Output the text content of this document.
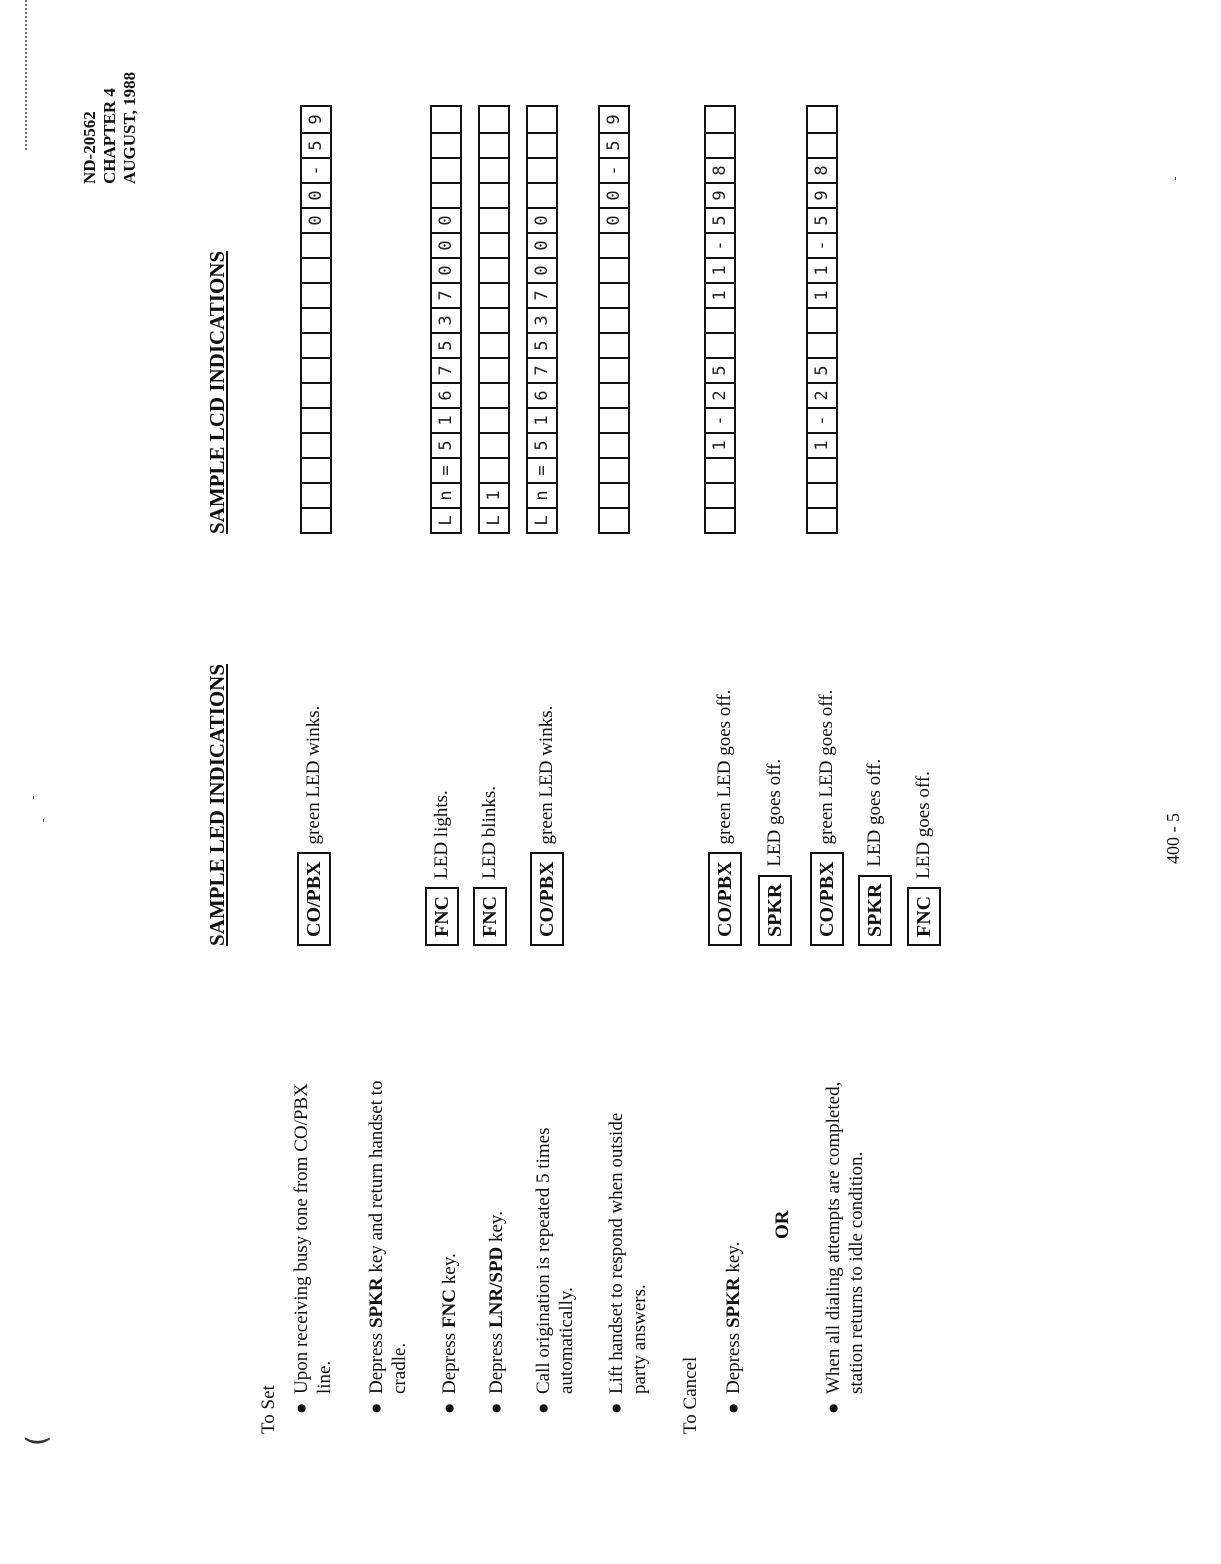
ND-20562 CHAPTER 4 AUGUST, 1988
SAMPLE LCD INDICATIONS
SAMPLE LED INDICATIONS
To Set ●
Upon receiving busy tone from CO/PBX line.
●
Depress SPKR key and return handset to
cradle.
●
Depress FNC key.
●
Depress LNR/SPD key.
●
Call origination is repeated 5 times automatically.
●
Lift handset to respond when outside party answers.
To Cancel ●
Depress SPKR key.
OR
●
When all dialing attempts are completed, station returns to idle condition.
CO/PBX
green LED winks.
FNC
LED lights.
FNC
LED blinks.
CO/PBX
green LED winks.
CO/PBX
green LED goes off.
SPKR
LED goes off.
CO/PBX
green LED goes off.
SPKR
LED goes off.
FNC
LED goes off.
0
0
-
5
9
L
n
=
5
1
6
7
5
3
7
0
0
0
L
1
L
n
=
5
1
6
7
5
3
7
0
0
0	0
0
-
5
9
1
-
2
5
1
1
-
5
9
8
1
-
2
5
1
1
-
5
9
8
400 - 5
(
